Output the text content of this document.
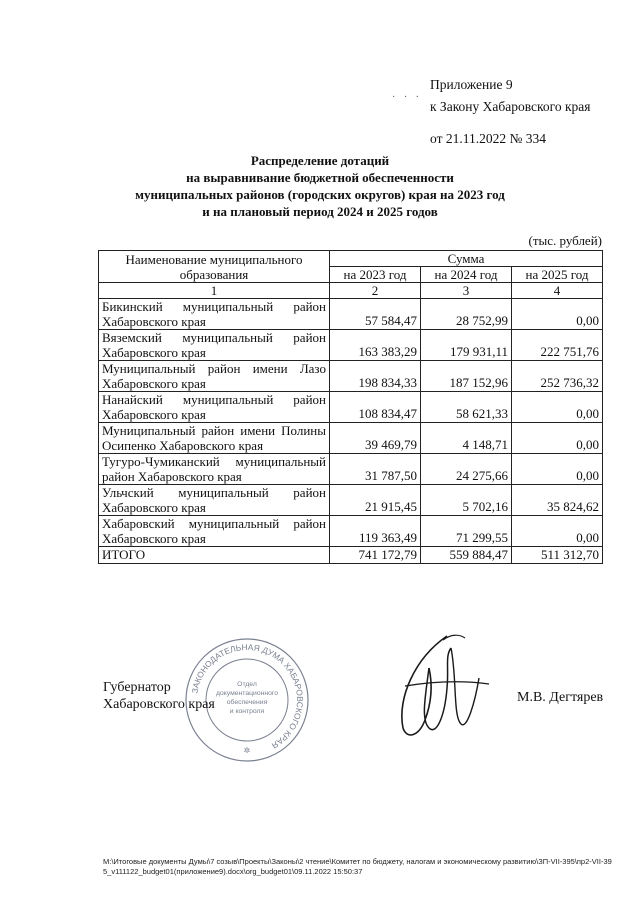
Приложение 9
к Закону Хабаровского края
от 21.11.2022 № 334
· · ·
Распределение дотаций
на выравнивание бюджетной обеспеченности
муниципальных районов (городских округов) края на 2023 год
и на плановый период 2024 и 2025 годов
(тыс. рублей)
Наименование муниципального образования	Сумма		
	на 2023 год	на 2024 год	на 2025 год
1	2	3	4
Бикинский муниципальный район Хабаровского края	57 584,47	28 752,99	0,00
Вяземский муниципальный район Хабаровского края	163 383,29	179 931,11	222 751,76
Муниципальный район имени Лазо Хабаровского края	198 834,33	187 152,96	252 736,32
Нанайский муниципальный район Хабаровского края	108 834,47	58 621,33	0,00
Муниципальный район имени Полины Осипенко Хабаровского края	39 469,79	4 148,71	0,00
Тугуро-Чумиканский муниципальный район Хабаровского края	31 787,50	24 275,66	0,00
Ульчский муниципальный район Хабаровского края	21 915,45	5 702,16	35 824,62
Хабаровский муниципальный район Хабаровского края	119 363,49	71 299,55	0,00
ИТОГО	741 172,79	559 884,47	511 312,70
ЗАКОНОДАТЕЛЬНАЯ ДУМА ХАБАРОВСКОГО КРАЯ
Отдел
документационного
обеспечения
и контроля
✲
Губернатор
Хабаровского края	М.В. Дегтярев
M:\Итоговые документы Думы\7 созыв\Проекты\Законы\2 чтение\Комитет по бюджету, налогам и экономическому развитию\ЗП-VII-395\пр2-VII-395_v111122_budget01(приложение9).docx\org_budget01\09.11.2022 15:50:37
